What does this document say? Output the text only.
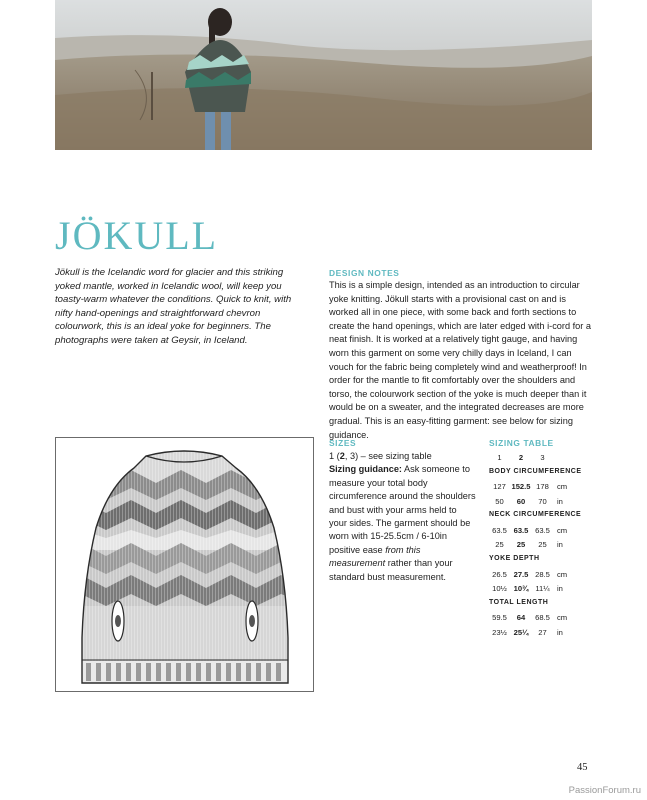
JÖKULL
Jökull is the Icelandic word for glacier and this striking yoked mantle, worked in Icelandic wool, will keep you toasty-warm whatever the conditions. Quick to knit, with nifty hand-openings and straightforward chevron colourwork, this is an ideal yoke for beginners. The photographs were taken at Geysir, in Iceland.
DESIGN NOTES
This is a simple design, intended as an introduction to circular yoke knitting. Jökull starts with a provisional cast on and is worked all in one piece, with some back and forth sections to create the hand openings, which are later edged with i-cord for a neat finish. It is worked at a relatively tight gauge, and having worn this garment on some very chilly days in Iceland, I can vouch for the fabric being completely wind and weatherproof! In order for the mantle to fit comfortably over the shoulders and torso, the colourwork section of the yoke is much deeper than it would be on a sweater, and the integrated decreases are more gradual. This is an easy-fitting garment: see below for sizing guidance.
SIZES
1 (2, 3) – see sizing table
Sizing guidance: Ask someone to measure your total body circumference around the shoulders and bust with your arms held to your sides. The garment should be worn with 15-25.5cm / 6-10in positive ease from this measurement rather than your standard bust measurement.
SIZING TABLE
1	2	3
BODY CIRCUMFERENCE
127 152.5 178	cm
50	60	70	in
NECK CIRCUMFERENCE
63.5 63.5 63.5 cm
25	25	25	in
YOKE DEPTH
26.5 27.5 28.5 cm
10½ 10¾ 11¼ in
TOTAL LENGTH
59.5	64	68.5 cm
23½ 25¼	27	in
45
PassionForum.ru
